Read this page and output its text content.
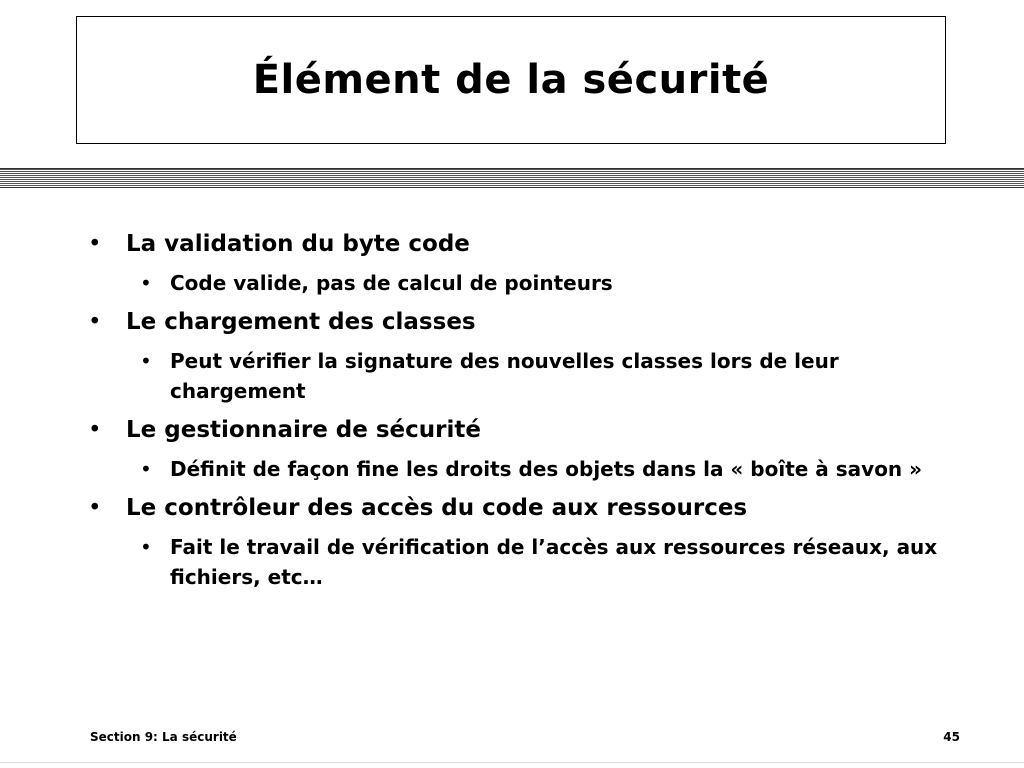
Élément de la sécurité
•	La validation du byte code
• Code valide, pas de calcul de pointeurs
•	Le chargement des classes
• Peut vérifier la signature des nouvelles classes lors de leur chargement
•	Le gestionnaire de sécurité
• Définit de façon fine les droits des objets dans la « boîte à savon »
•	Le contrôleur des accès du code aux ressources
• Fait le travail de vérification de l’accès aux ressources réseaux, aux fichiers, etc…
Section 9: La sécurité	45
